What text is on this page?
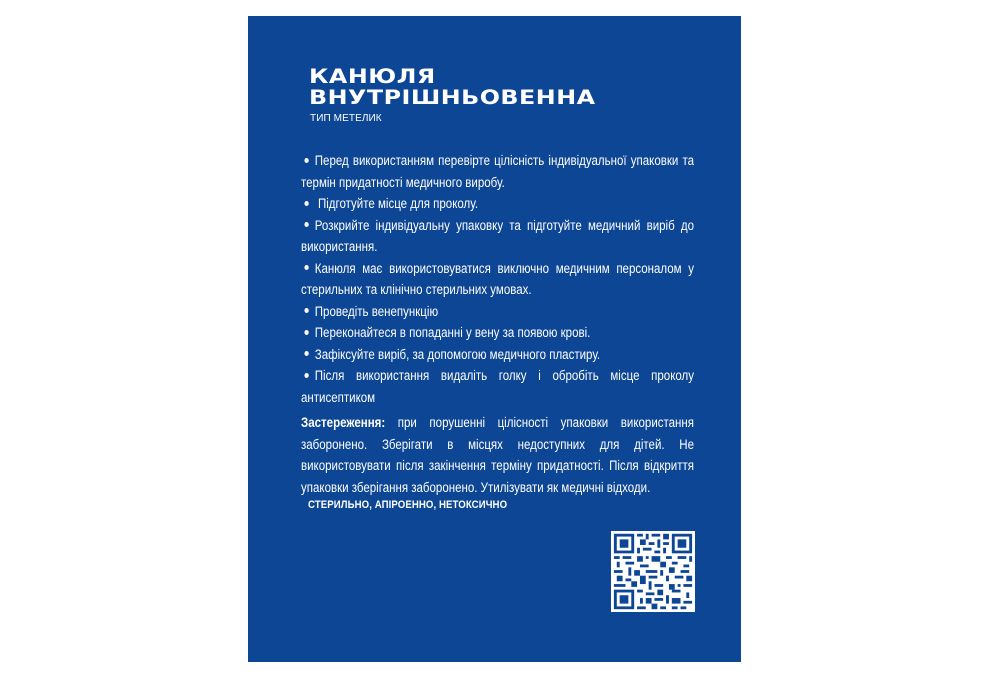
КАНЮЛЯ
ВНУТРІШНЬОВЕННА
ТИП МЕТЕЛИК
Перед використанням перевірте цілісність індивідуальної упаковки та термін придатності медичного виробу.
Підготуйте місце для проколу.
Розкрийте індивідуальну упаковку та підготуйте медичний виріб до використання.
Канюля має використовуватися виключно медичним персоналом у стерильних та клінічно стерильних умовах.
Проведіть венепункцію
Переконайтеся в попаданні у вену за появою крові.
Зафіксуйте виріб, за допомогою медичного пластиру.
Після використання видаліть голку і обробіть місце проколу антисептиком
Застереження: при порушенні цілісності упаковки використання заборонено. Зберігати в місцях недоступних для дітей. Не використовувати після закінчення терміну придатності. Після відкриття упаковки зберігання заборонено. Утилізувати як медичні відходи.
СТЕРИЛЬНО, АПІРОЕННО, НЕТОКСИЧНО
